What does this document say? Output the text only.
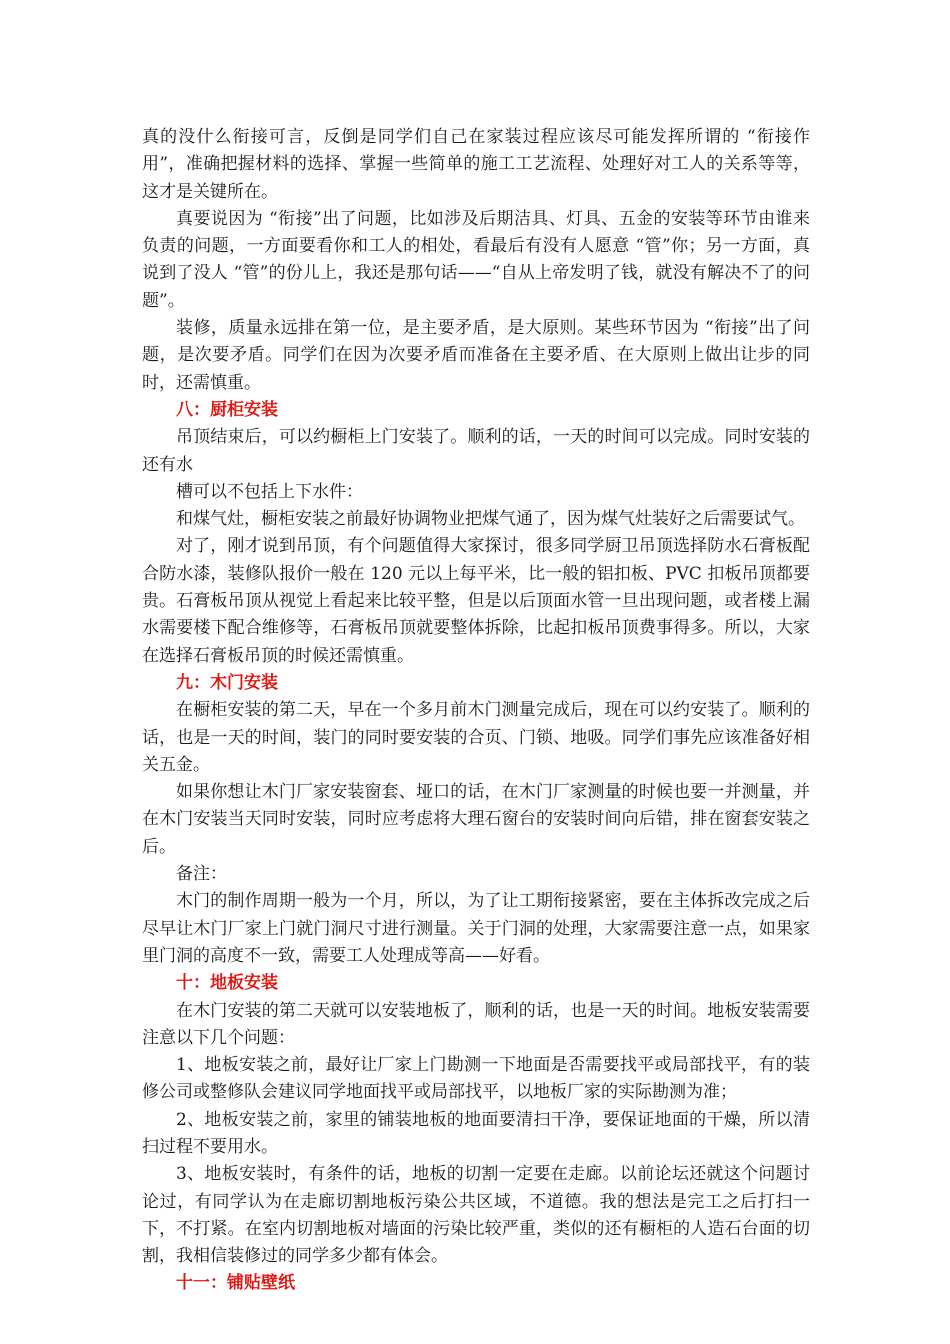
真的没什么衔接可言，反倒是同学们自己在家装过程应该尽可能发挥所谓的 “衔接作用”，准确把握材料的选择、掌握一些简单的施工工艺流程、处理好对工人的关系等等，这才是关键所在。

真要说因为 “衔接”出了问题，比如涉及后期洁具、灯具、五金的安装等环节由谁来负责的问题，一方面要看你和工人的相处，看最后有没有人愿意 “管”你；另一方面，真说到了没人 “管”的份儿上，我还是那句话——“自从上帝发明了钱，就没有解决不了的问题”。

装修，质量永远排在第一位，是主要矛盾，是大原则。某些环节因为 “衔接”出了问题，是次要矛盾。同学们在因为次要矛盾而准备在主要矛盾、在大原则上做出让步的同时，还需慎重。

八：厨柜安装

吊顶结束后，可以约橱柜上门安装了。顺利的话，一天的时间可以完成。同时安装的还有水

槽可以不包括上下水件：

和煤气灶，橱柜安装之前最好协调物业把煤气通了，因为煤气灶装好之后需要试气。

对了，刚才说到吊顶，有个问题值得大家探讨，很多同学厨卫吊顶选择防水石膏板配合防水漆，装修队报价一般在 120 元以上每平米，比一般的铝扣板、PVC 扣板吊顶都要贵。石膏板吊顶从视觉上看起来比较平整，但是以后顶面水管一旦出现问题，或者楼上漏水需要楼下配合维修等，石膏板吊顶就要整体拆除，比起扣板吊顶费事得多。所以，大家在选择石膏板吊顶的时候还需慎重。

九：木门安装

在橱柜安装的第二天，早在一个多月前木门测量完成后，现在可以约安装了。顺利的话，也是一天的时间，装门的同时要安装的合页、门锁、地吸。同学们事先应该准备好相关五金。

如果你想让木门厂家安装窗套、垭口的话，在木门厂家测量的时候也要一并测量，并在木门安装当天同时安装，同时应考虑将大理石窗台的安装时间向后错，排在窗套安装之后。

备注：

木门的制作周期一般为一个月，所以，为了让工期衔接紧密，要在主体拆改完成之后尽早让木门厂家上门就门洞尺寸进行测量。关于门洞的处理，大家需要注意一点，如果家里门洞的高度不一致，需要工人处理成等高——好看。

十：地板安装

在木门安装的第二天就可以安装地板了，顺利的话，也是一天的时间。地板安装需要注意以下几个问题：

1、地板安装之前，最好让厂家上门勘测一下地面是否需要找平或局部找平，有的装修公司或整修队会建议同学地面找平或局部找平，以地板厂家的实际勘测为准；

2、地板安装之前，家里的铺装地板的地面要清扫干净，要保证地面的干燥，所以清扫过程不要用水。

3、地板安装时，有条件的话，地板的切割一定要在走廊。以前论坛还就这个问题讨论过，有同学认为在走廊切割地板污染公共区域，不道德。我的想法是完工之后打扫一下，不打紧。在室内切割地板对墙面的污染比较严重，类似的还有橱柜的人造石台面的切割，我相信装修过的同学多少都有体会。

十一：铺贴壁纸
